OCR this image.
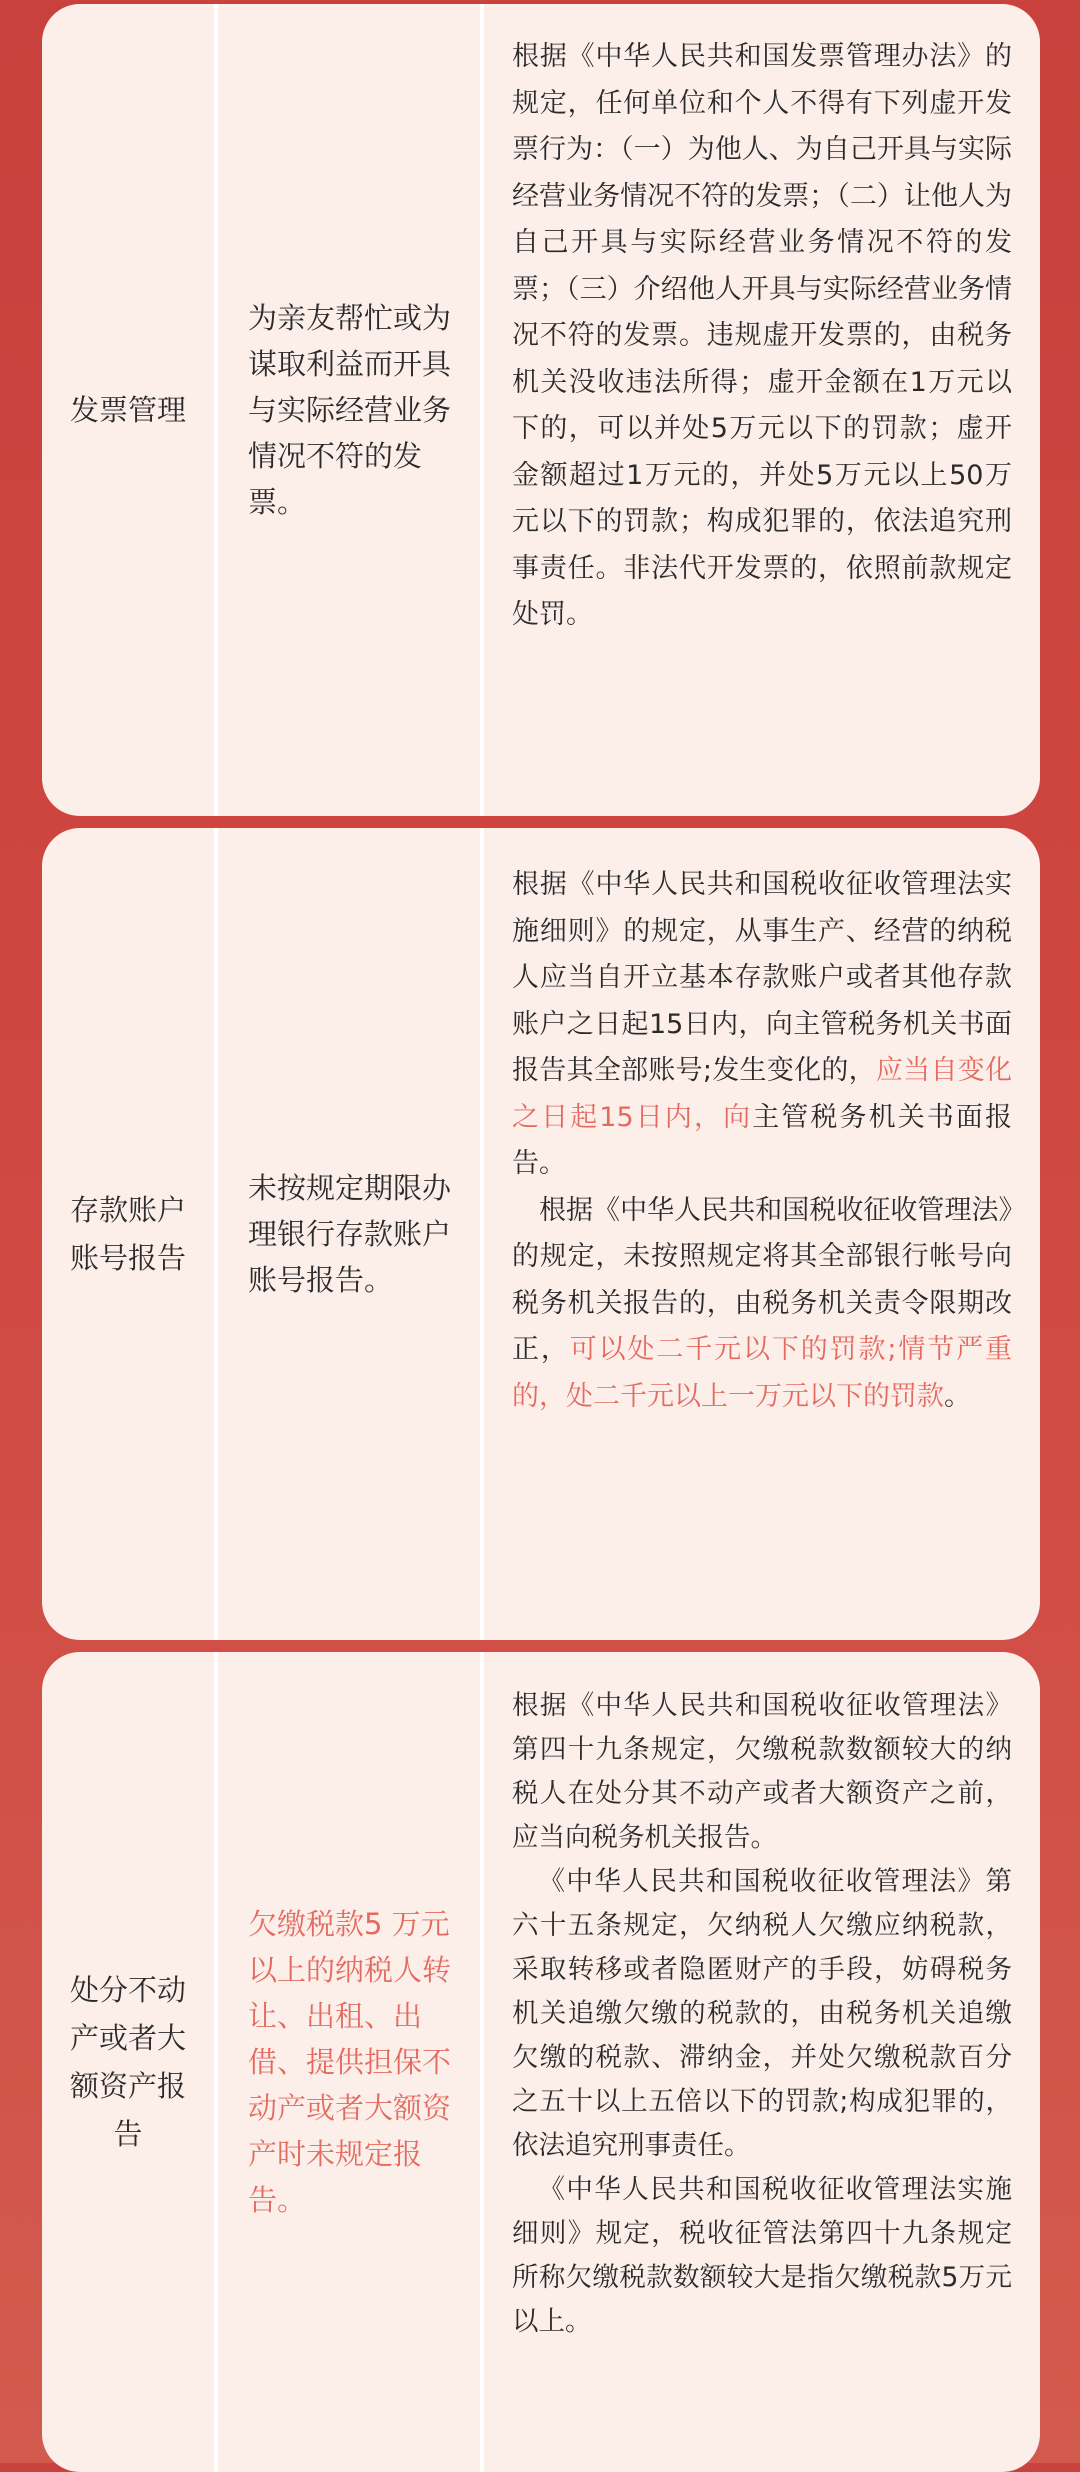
发票管理
为亲友帮忙或为谋取利益而开具与实际经营业务情况不符的发票。
根据《中华人民共和国发票管理办法》的规定，任何单位和个人不得有下列虚开发票行为：（一）为他人、为自己开具与实际经营业务情况不符的发票；（二）让他人为自己开具与实际经营业务情况不符的发票；（三）介绍他人开具与实际经营业务情况不符的发票。违规虚开发票的，由税务机关没收违法所得；虚开金额在1万元以下的，可以并处5万元以下的罚款；虚开金额超过1万元的，并处5万元以上50万元以下的罚款；构成犯罪的，依法追究刑事责任。非法代开发票的，依照前款规定处罚。
存款账户账号报告
未按规定期限办理银行存款账户账号报告。
根据《中华人民共和国税收征收管理法实施细则》的规定，从事生产、经营的纳税人应当自开立基本存款账户或者其他存款账户之日起15日内，向主管税务机关书面报告其全部账号;发生变化的，应当自变化之日起15日内，向主管税务机关书面报告。
根据《中华人民共和国税收征收管理法》的规定，未按照规定将其全部银行帐号向税务机关报告的，由税务机关责令限期改正，可以处二千元以下的罚款;情节严重的，处二千元以上一万元以下的罚款。
处分不动产或者大额资产报告
欠缴税款5 万元以上的纳税人转让、出租、出借、提供担保不动产或者大额资产时未规定报告。
根据《中华人民共和国税收征收管理法》第四十九条规定，欠缴税款数额较大的纳税人在处分其不动产或者大额资产之前，应当向税务机关报告。
《中华人民共和国税收征收管理法》第六十五条规定，欠纳税人欠缴应纳税款，采取转移或者隐匿财产的手段，妨碍税务机关追缴欠缴的税款的，由税务机关追缴欠缴的税款、滞纳金，并处欠缴税款百分之五十以上五倍以下的罚款;构成犯罪的，依法追究刑事责任。
《中华人民共和国税收征收管理法实施细则》规定，税收征管法第四十九条规定所称欠缴税款数额较大是指欠缴税款5万元以上。
